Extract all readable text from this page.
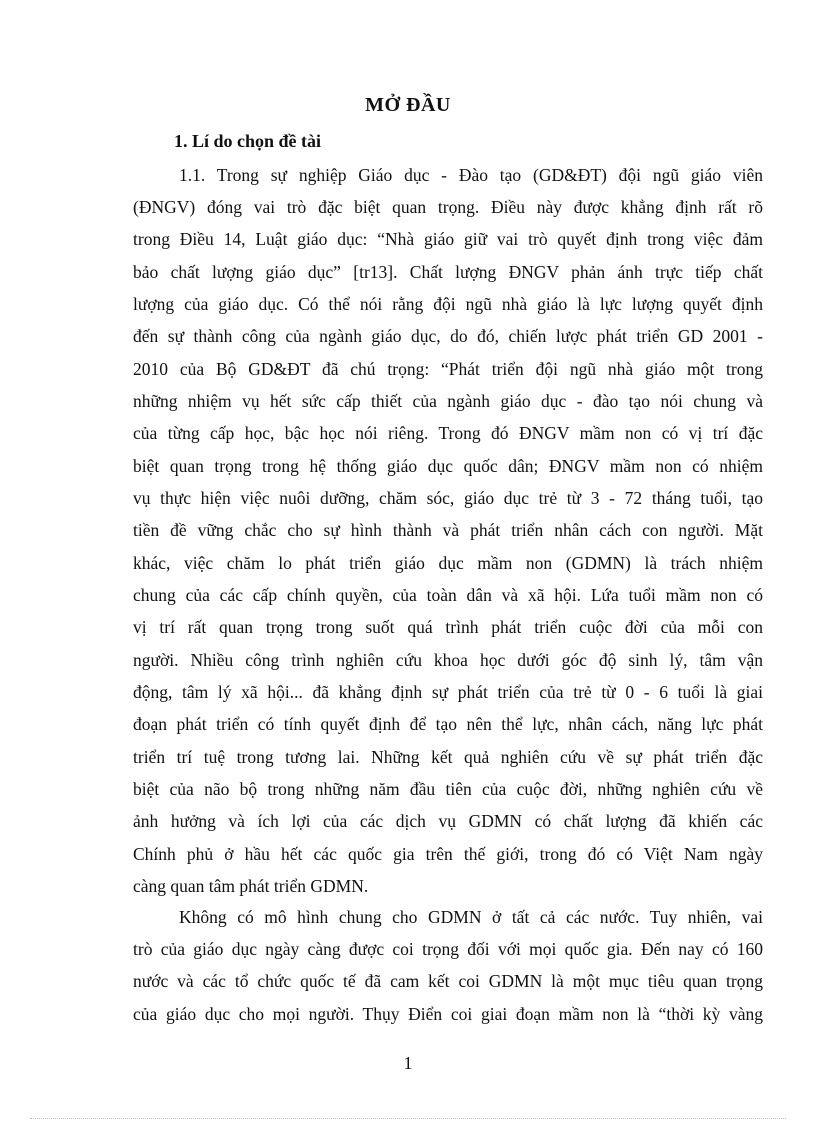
MỞ ĐẦU
1. Lí do chọn đề tài
1.1. Trong sự nghiệp Giáo dục - Đào tạo (GD&ĐT) đội ngũ giáo viên
(ĐNGV) đóng vai trò đặc biệt quan trọng. Điều này được khẳng định rất rõ
trong Điều 14, Luật giáo dục: “Nhà giáo giữ vai trò quyết định trong việc đảm
bảo chất lượng giáo dục” [tr13]. Chất lượng ĐNGV phản ánh trực tiếp chất
lượng của giáo dục. Có thể nói rằng đội ngũ nhà giáo là lực lượng quyết định
đến sự thành công của ngành giáo dục, do đó, chiến lược phát triển GD 2001 -
2010 của Bộ GD&ĐT đã chú trọng: “Phát triển đội ngũ nhà giáo một trong
những nhiệm vụ hết sức cấp thiết của ngành giáo dục - đào tạo nói chung và
của từng cấp học, bậc học nói riêng. Trong đó ĐNGV mầm non có vị trí đặc
biệt quan trọng trong hệ thống giáo dục quốc dân; ĐNGV mầm non có nhiệm
vụ thực hiện việc nuôi dưỡng, chăm sóc, giáo dục trẻ từ 3 - 72 tháng tuổi, tạo
tiền đề vững chắc cho sự hình thành và phát triển nhân cách con người. Mặt
khác, việc chăm lo phát triển giáo dục mầm non (GDMN) là trách nhiệm
chung của các cấp chính quyền, của toàn dân và xã hội. Lứa tuổi mầm non có
vị trí rất quan trọng trong suốt quá trình phát triển cuộc đời của mỗi con
người. Nhiều công trình nghiên cứu khoa học dưới góc độ sinh lý, tâm vận
động, tâm lý xã hội... đã khẳng định sự phát triển của trẻ từ 0 - 6 tuổi là giai
đoạn phát triển có tính quyết định để tạo nên thể lực, nhân cách, năng lực phát
triển trí tuệ trong tương lai. Những kết quả nghiên cứu về sự phát triển đặc
biệt của não bộ trong những năm đầu tiên của cuộc đời, những nghiên cứu về
ảnh hưởng và ích lợi của các dịch vụ GDMN có chất lượng đã khiến các
Chính phủ ở hầu hết các quốc gia trên thế giới, trong đó có Việt Nam ngày
càng quan tâm phát triển GDMN.
Không có mô hình chung cho GDMN ở tất cả các nước. Tuy nhiên, vai
trò của giáo dục ngày càng được coi trọng đối với mọi quốc gia. Đến nay có 160
nước và các tổ chức quốc tế đã cam kết coi GDMN là một mục tiêu quan trọng
của giáo dục cho mọi người. Thụy Điển coi giai đoạn mầm non là “thời kỳ vàng
1
